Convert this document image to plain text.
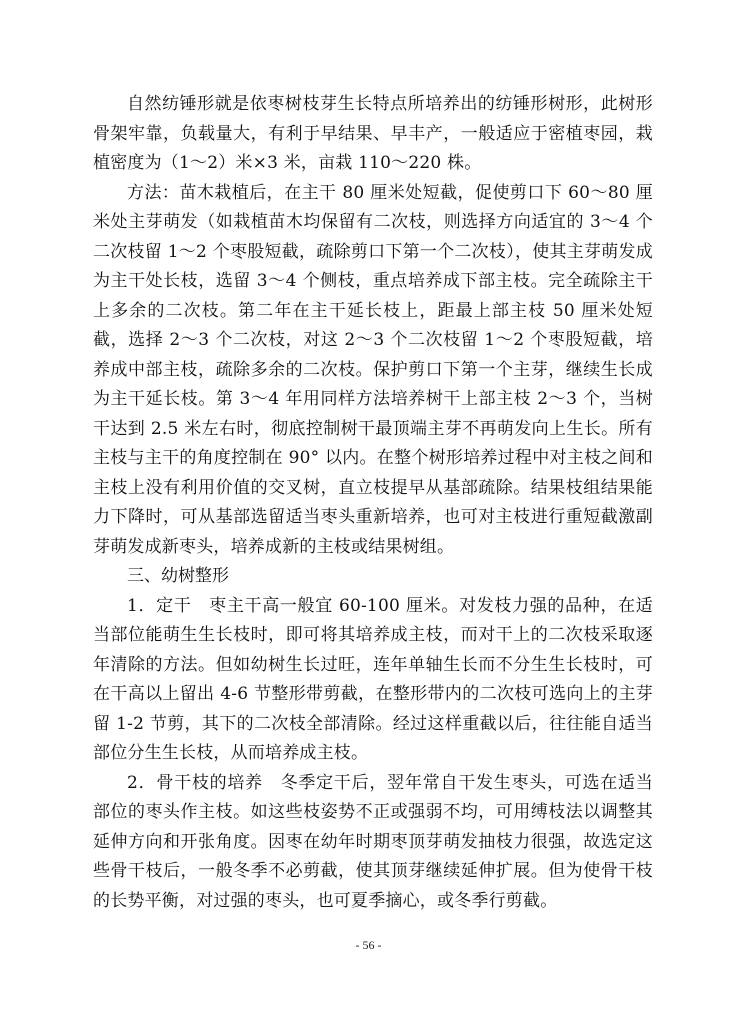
自然纺锤形就是依枣树枝芽生长特点所培养出的纺锤形树形，此树形骨架牢靠，负载量大，有利于早结果、早丰产，一般适应于密植枣园，栽植密度为（1～2）米×3 米，亩栽 110～220 株。

方法：苗木栽植后，在主干 80 厘米处短截，促使剪口下 60～80 厘米处主芽萌发（如栽植苗木均保留有二次枝，则选择方向适宜的 3～4 个二次枝留 1～2 个枣股短截，疏除剪口下第一个二次枝），使其主芽萌发成为主干处长枝，选留 3～4 个侧枝，重点培养成下部主枝。完全疏除主干上多余的二次枝。第二年在主干延长枝上，距最上部主枝 50 厘米处短截，选择 2～3 个二次枝，对这 2～3 个二次枝留 1～2 个枣股短截，培养成中部主枝，疏除多余的二次枝。保护剪口下第一个主芽，继续生长成为主干延长枝。第 3～4 年用同样方法培养树干上部主枝 2～3 个，当树干达到 2.5 米左右时，彻底控制树干最顶端主芽不再萌发向上生长。所有主枝与主干的角度控制在 90° 以内。在整个树形培养过程中对主枝之间和主枝上没有利用价值的交叉树，直立枝提早从基部疏除。结果枝组结果能力下降时，可从基部选留适当枣头重新培养，也可对主枝进行重短截激副芽萌发成新枣头，培养成新的主枝或结果树组。

三、幼树整形

1．定干　枣主干高一般宜 60-100 厘米。对发枝力强的品种，在适当部位能萌生生长枝时，即可将其培养成主枝，而对干上的二次枝采取逐年清除的方法。但如幼树生长过旺，连年单轴生长而不分生生长枝时，可在干高以上留出 4-6 节整形带剪截，在整形带内的二次枝可选向上的主芽留 1-2 节剪，其下的二次枝全部清除。经过这样重截以后，往往能自适当部位分生生长枝，从而培养成主枝。

2．骨干枝的培养　冬季定干后，翌年常自干发生枣头，可选在适当部位的枣头作主枝。如这些枝姿势不正或强弱不均，可用缚枝法以调整其延伸方向和开张角度。因枣在幼年时期枣顶芽萌发抽枝力很强，故选定这些骨干枝后，一般冬季不必剪截，使其顶芽继续延伸扩展。但为使骨干枝的长势平衡，对过强的枣头，也可夏季摘心，或冬季行剪截。

- 56 -
